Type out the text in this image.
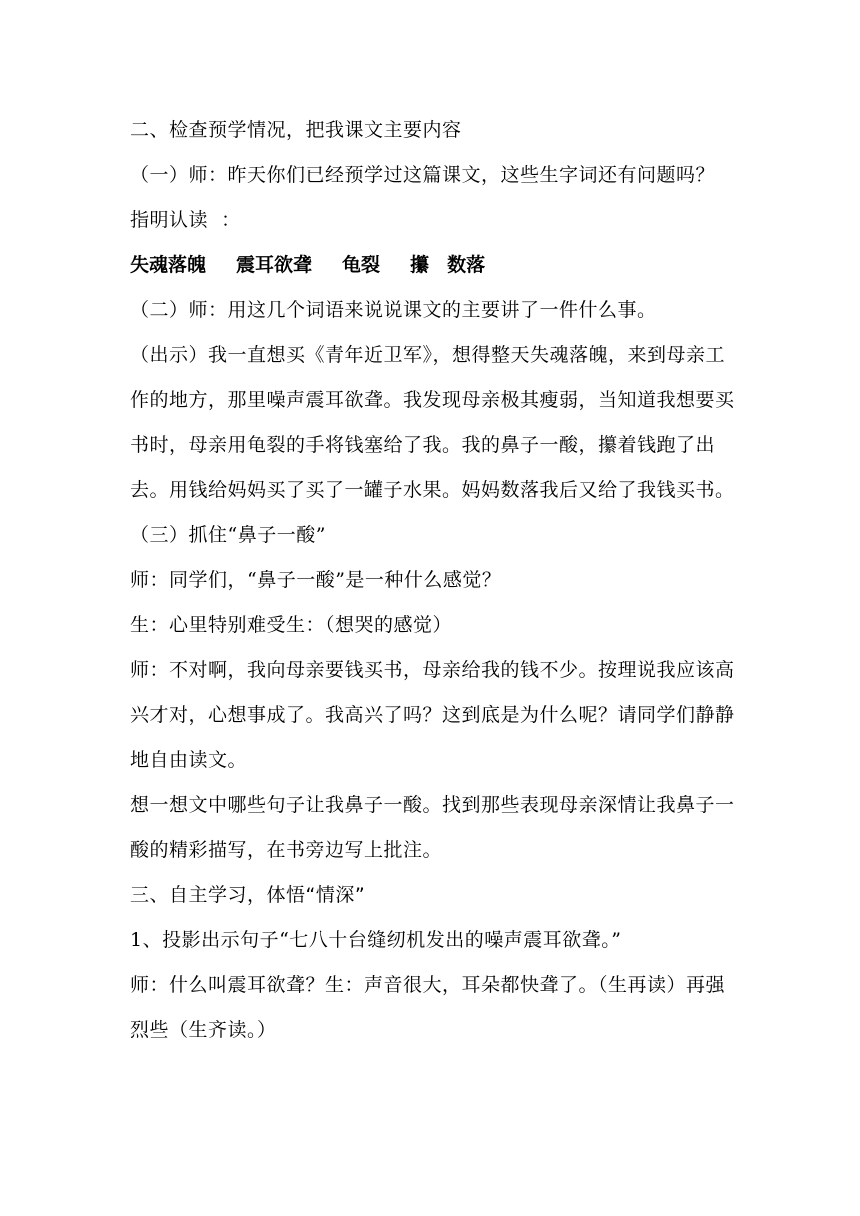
二、检查预学情况，把我课文主要内容

（一）师：昨天你们已经预学过这篇课文，这些生字词还有问题吗？

指明认读  ：

失魂落魄 震耳欲聋 龟裂 攥 数落

（二）师：用这几个词语来说说课文的主要讲了一件什么事。

（出示）我一直想买《青年近卫军》，想得整天失魂落魄，来到母亲工作的地方，那里噪声震耳欲聋。我发现母亲极其瘦弱，当知道我想要买书时，母亲用龟裂的手将钱塞给了我。我的鼻子一酸，攥着钱跑了出去。用钱给妈妈买了买了一罐子水果。妈妈数落我后又给了我钱买书。

（三）抓住“鼻子一酸”

师：同学们，“鼻子一酸”是一种什么感觉？

生：心里特别难受生：（想哭的感觉）

师：不对啊，我向母亲要钱买书，母亲给我的钱不少。按理说我应该高兴才对，心想事成了。我高兴了吗？这到底是为什么呢？请同学们静静地自由读文。

想一想文中哪些句子让我鼻子一酸。找到那些表现母亲深情让我鼻子一酸的精彩描写，在书旁边写上批注。

三、自主学习，体悟“情深”

1、投影出示句子“七八十台缝纫机发出的噪声震耳欲聋。”

师：什么叫震耳欲聋？生：声音很大，耳朵都快聋了。（生再读）再强烈些（生齐读。）
